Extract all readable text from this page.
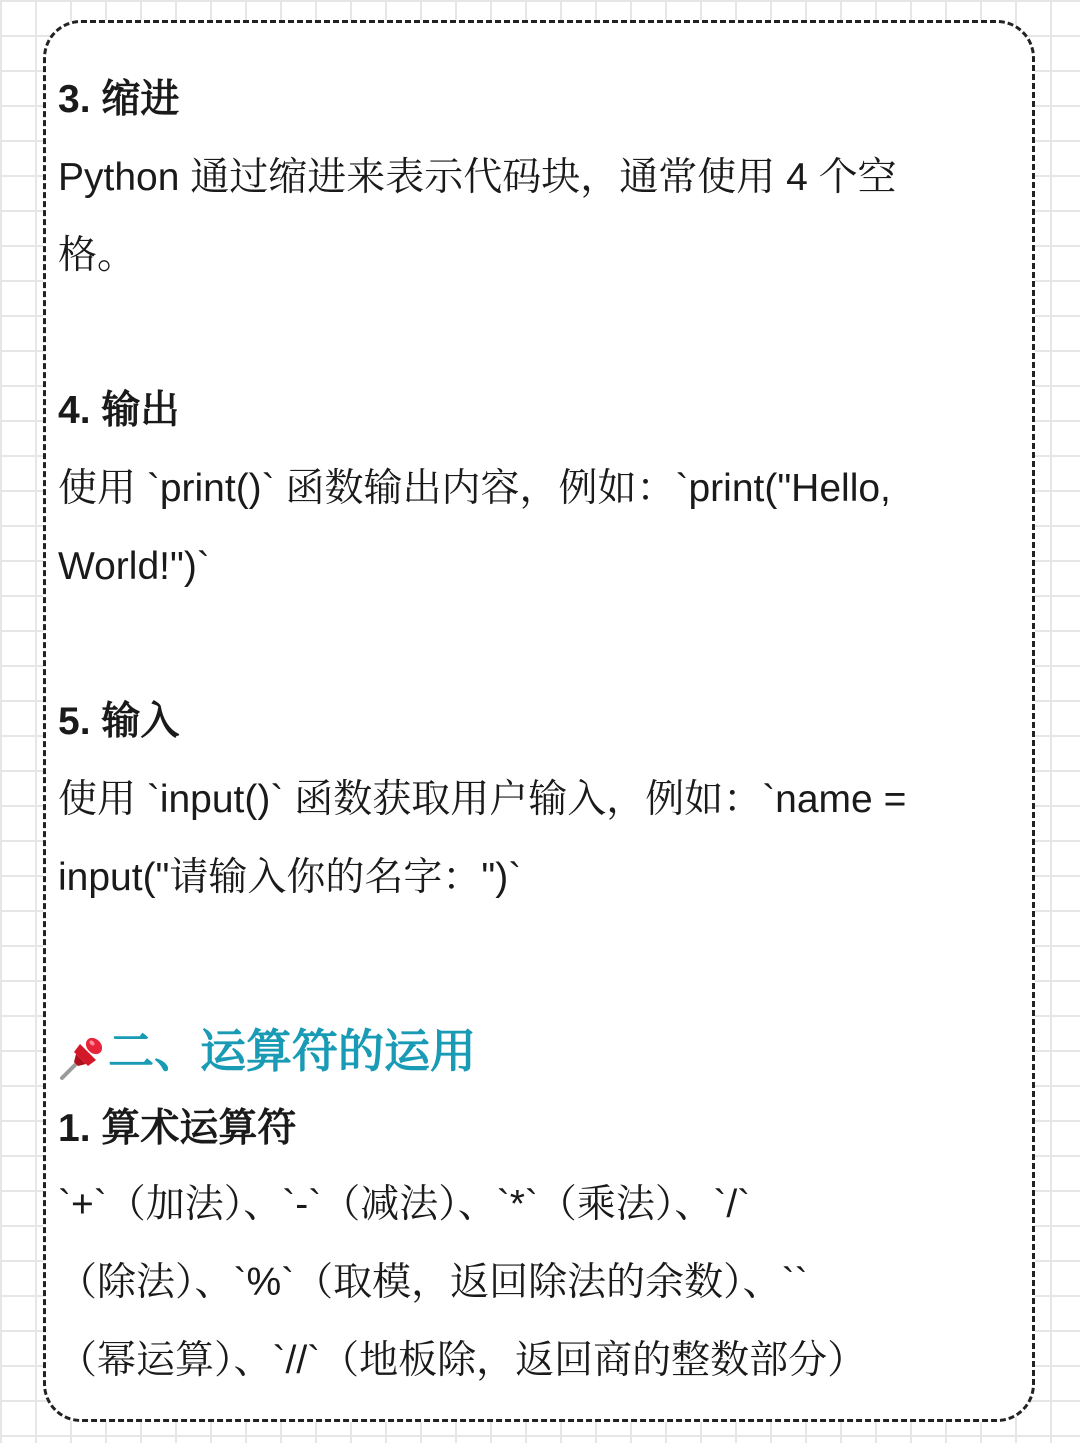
3. 缩进

Python 通过缩进来表示代码块，通常使用 4 个空

格。

4. 输出

使用 `print()` 函数输出内容，例如：`print("Hello,

World!")`

5. 输入

使用 `input()` 函数获取用户输入，例如：`name =

input("请输入你的名字：")`

二、运算符的运用
1. 算术运算符

`+`（加法）、`-`（减法）、`*`（乘法）、`/`

（除法）、`%`（取模，返回除法的余数）、``

（幂运算）、`//`（地板除，返回商的整数部分）
